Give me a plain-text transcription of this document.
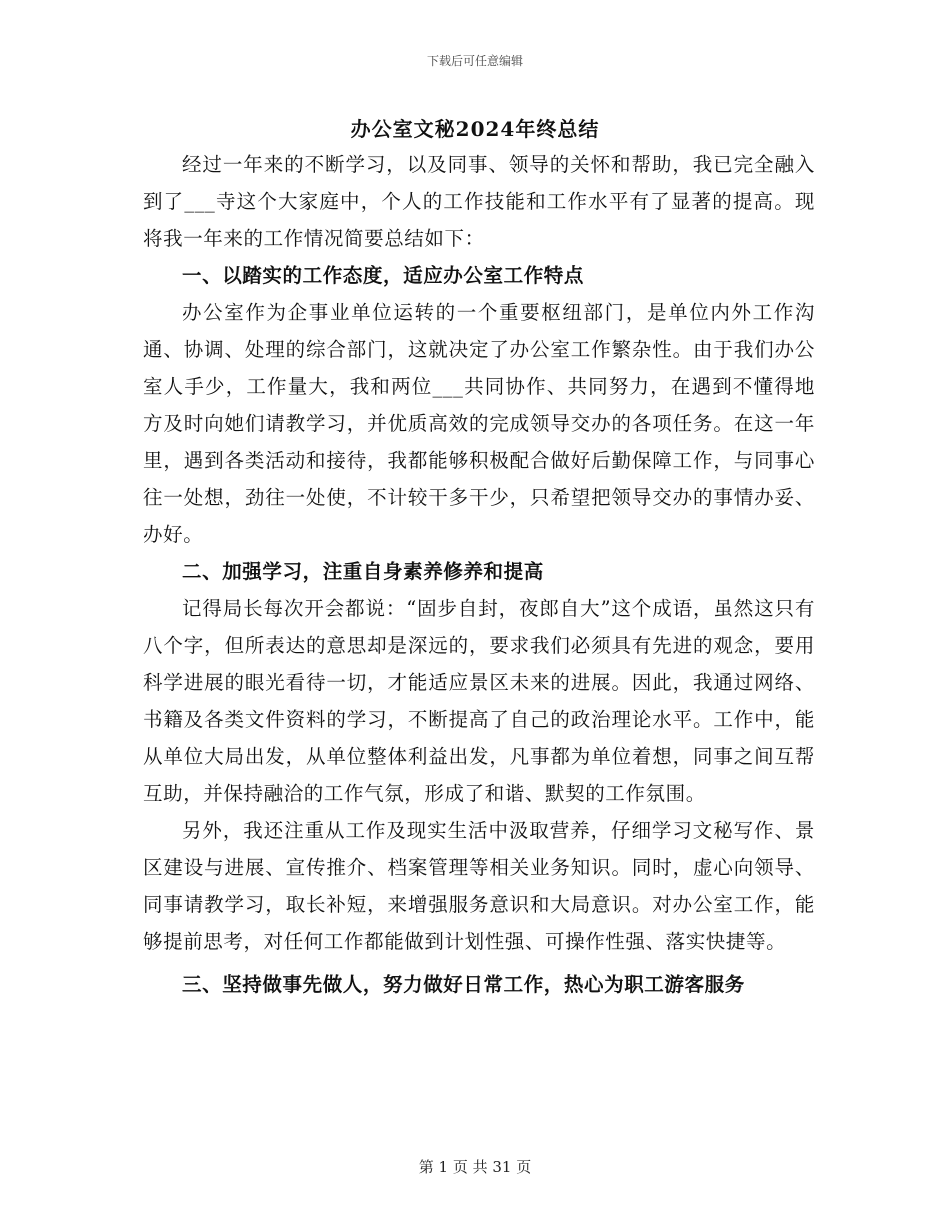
下载后可任意编辑
办公室文秘2024年终总结

经过一年来的不断学习，以及同事、领导的关怀和帮助，我已完全融入到了___寺这个大家庭中，个人的工作技能和工作水平有了显著的提高。现将我一年来的工作情况简要总结如下：

一、以踏实的工作态度，适应办公室工作特点

办公室作为企事业单位运转的一个重要枢纽部门，是单位内外工作沟通、协调、处理的综合部门，这就决定了办公室工作繁杂性。由于我们办公室人手少，工作量大，我和两位___共同协作、共同努力，在遇到不懂得地方及时向她们请教学习，并优质高效的完成领导交办的各项任务。在这一年里，遇到各类活动和接待，我都能够积极配合做好后勤保障工作，与同事心往一处想，劲往一处使，不计较干多干少，只希望把领导交办的事情办妥、办好。

二、加强学习，注重自身素养修养和提高

记得局长每次开会都说：“固步自封，夜郎自大”这个成语，虽然这只有八个字，但所表达的意思却是深远的，要求我们必须具有先进的观念，要用科学进展的眼光看待一切，才能适应景区未来的进展。因此，我通过网络、书籍及各类文件资料的学习，不断提高了自己的政治理论水平。工作中，能从单位大局出发，从单位整体利益出发，凡事都为单位着想，同事之间互帮互助，并保持融洽的工作气氛，形成了和谐、默契的工作氛围。

另外，我还注重从工作及现实生活中汲取营养，仔细学习文秘写作、景区建设与进展、宣传推介、档案管理等相关业务知识。同时，虚心向领导、同事请教学习，取长补短，来增强服务意识和大局意识。对办公室工作，能够提前思考，对任何工作都能做到计划性强、可操作性强、落实快捷等。

三、坚持做事先做人，努力做好日常工作，热心为职工游客服务

第 1 页 共 31 页
